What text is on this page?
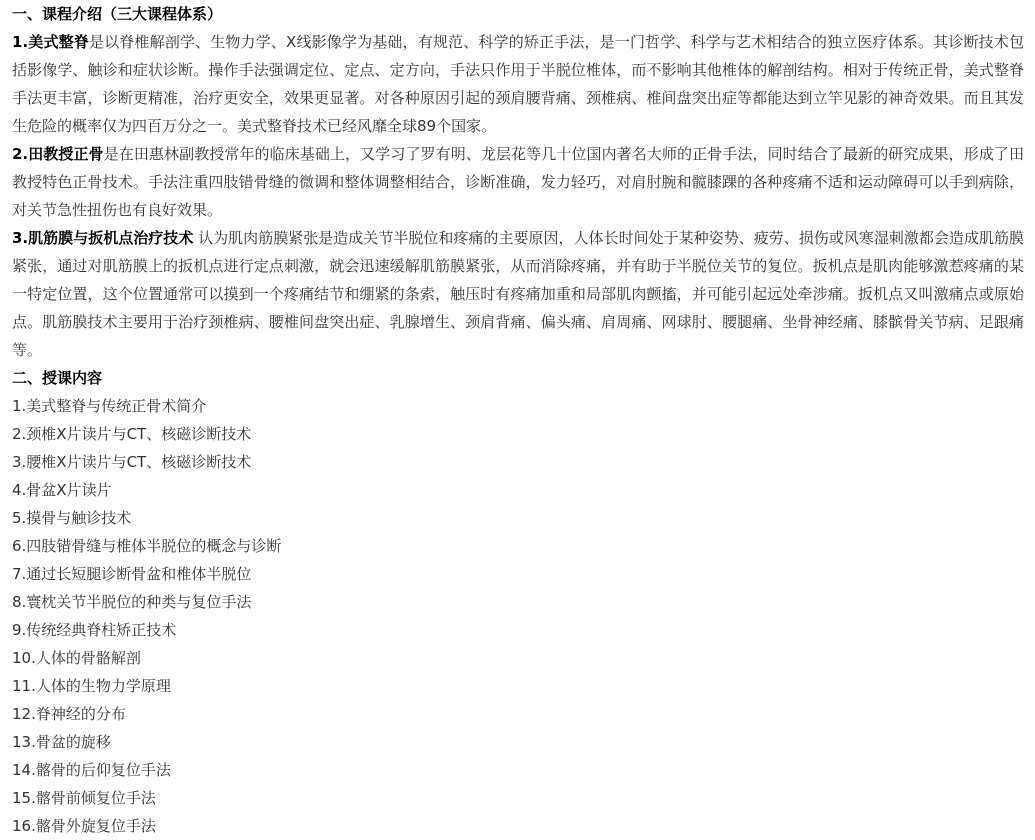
一、课程介绍（三大课程体系）
1.美式整脊是以脊椎解剖学、生物力学、X线影像学为基础，有规范、科学的矫正手法，是一门哲学、科学与艺术相结合的独立医疗体系。其诊断技术包括影像学、触诊和症状诊断。操作手法强调定位、定点、定方向，手法只作用于半脱位椎体，而不影响其他椎体的解剖结构。相对于传统正骨，美式整脊手法更丰富，诊断更精准，治疗更安全，效果更显著。对各种原因引起的颈肩腰背痛、颈椎病、椎间盘突出症等都能达到立竿见影的神奇效果。而且其发生危险的概率仅为四百万分之一。美式整脊技术已经风靡全球89个国家。
2.田教授正骨是在田惠林副教授常年的临床基础上，又学习了罗有明、龙层花等几十位国内著名大师的正骨手法，同时结合了最新的研究成果，形成了田教授特色正骨技术。手法注重四肢错骨缝的微调和整体调整相结合，诊断准确，发力轻巧，对肩肘腕和髋膝踝的各种疼痛不适和运动障碍可以手到病除，对关节急性扭伤也有良好效果。
3.肌筋膜与扳机点治疗技术 认为肌肉筋膜紧张是造成关节半脱位和疼痛的主要原因，人体长时间处于某种姿势、疲劳、损伤或风寒湿刺激都会造成肌筋膜紧张，通过对肌筋膜上的扳机点进行定点刺激，就会迅速缓解肌筋膜紧张，从而消除疼痛，并有助于半脱位关节的复位。扳机点是肌肉能够激惹疼痛的某一特定位置，这个位置通常可以摸到一个疼痛结节和绷紧的条索，触压时有疼痛加重和局部肌肉颤搐，并可能引起远处牵涉痛。扳机点又叫激痛点或原始点。肌筋膜技术主要用于治疗颈椎病、腰椎间盘突出症、乳腺增生、颈肩背痛、偏头痛、肩周痛、网球肘、腰腿痛、坐骨神经痛、膝髌骨关节病、足跟痛等。
二、授课内容
1.美式整脊与传统正骨术简介
2.颈椎X片读片与CT、核磁诊断技术
3.腰椎X片读片与CT、核磁诊断技术
4.骨盆X片读片
5.摸骨与触诊技术
6.四肢错骨缝与椎体半脱位的概念与诊断
7.通过长短腿诊断骨盆和椎体半脱位
8.寰枕关节半脱位的种类与复位手法
9.传统经典脊柱矫正技术
10.人体的骨骼解剖
11.人体的生物力学原理
12.脊神经的分布
13.骨盆的旋移
14.髂骨的后仰复位手法
15.髂骨前倾复位手法
16.髂骨外旋复位手法
